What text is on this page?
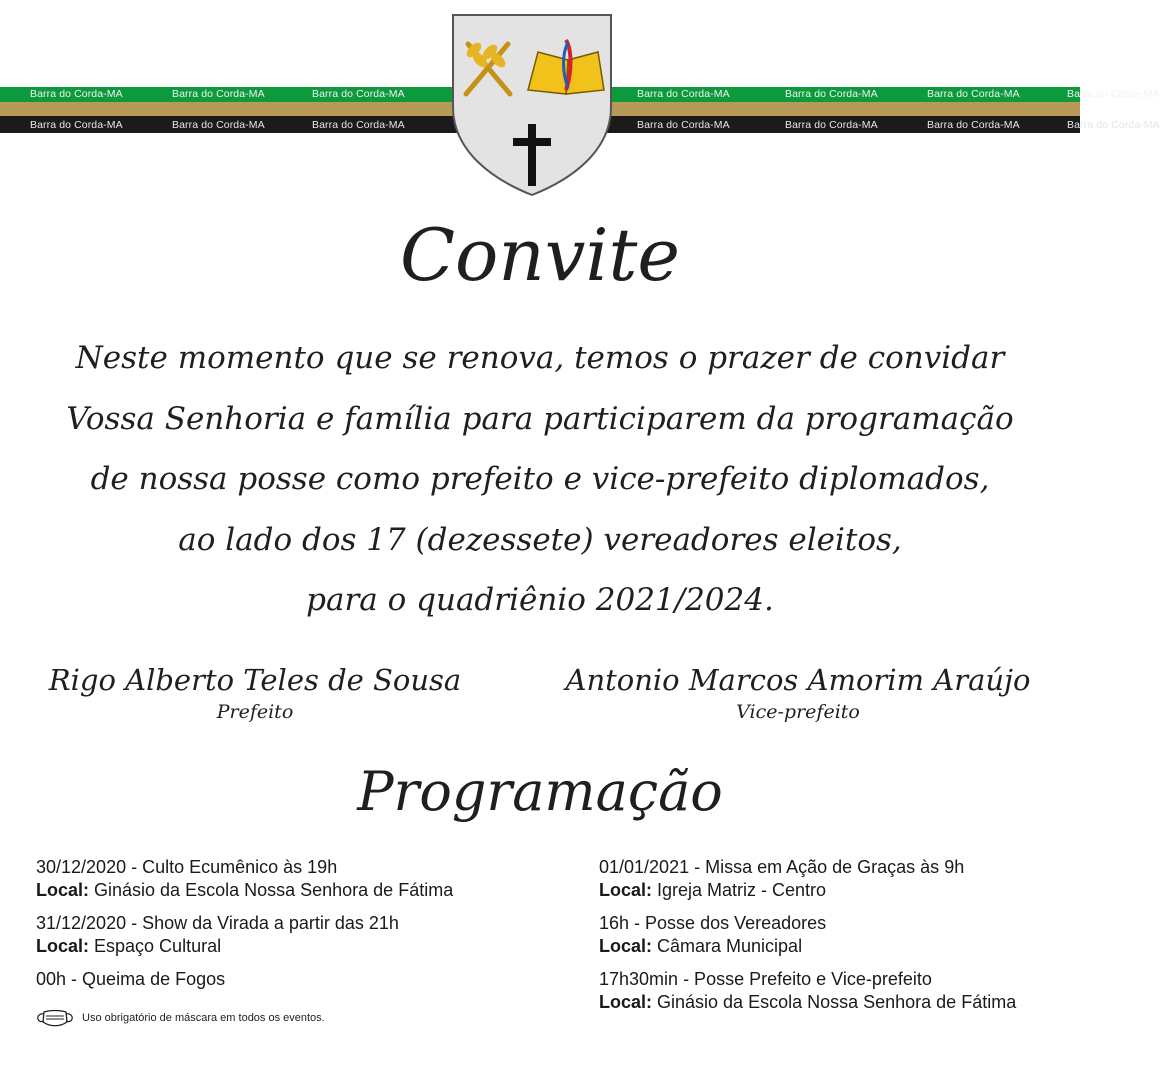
Barra do Corda-MA	Barra do Corda-MA	Barra do Corda-MA	Barra do Corda-MA	Barra do Corda-MA	Barra do Corda-MA	Barra do Corda-MA
Barra do Corda-MA	Barra do Corda-MA	Barra do Corda-MA	Barra do Corda-MA	Barra do Corda-MA	Barra do Corda-MA	Barra do Corda-MA
Convite
Neste momento que se renova, temos o prazer de convidar
Vossa Senhoria e família para participarem da programação
de nossa posse como prefeito e vice-prefeito diplomados,
ao lado dos 17 (dezessete) vereadores eleitos,
para o quadriênio 2021/2024.
Rigo Alberto Teles de Sousa
Prefeito
Antonio Marcos Amorim Araújo
Vice-prefeito
Programação
30/12/2020 - Culto Ecumênico às 19h
Local: Ginásio da Escola Nossa Senhora de Fátima
31/12/2020 - Show da Virada a partir das 21h
Local: Espaço Cultural
00h - Queima de Fogos
01/01/2021 - Missa em Ação de Graças às 9h
Local: Igreja Matriz - Centro
16h - Posse dos Vereadores
Local: Câmara Municipal
17h30min - Posse Prefeito e Vice-prefeito
Local: Ginásio da Escola Nossa Senhora de Fátima
Uso obrigatório de máscara em todos os eventos.
